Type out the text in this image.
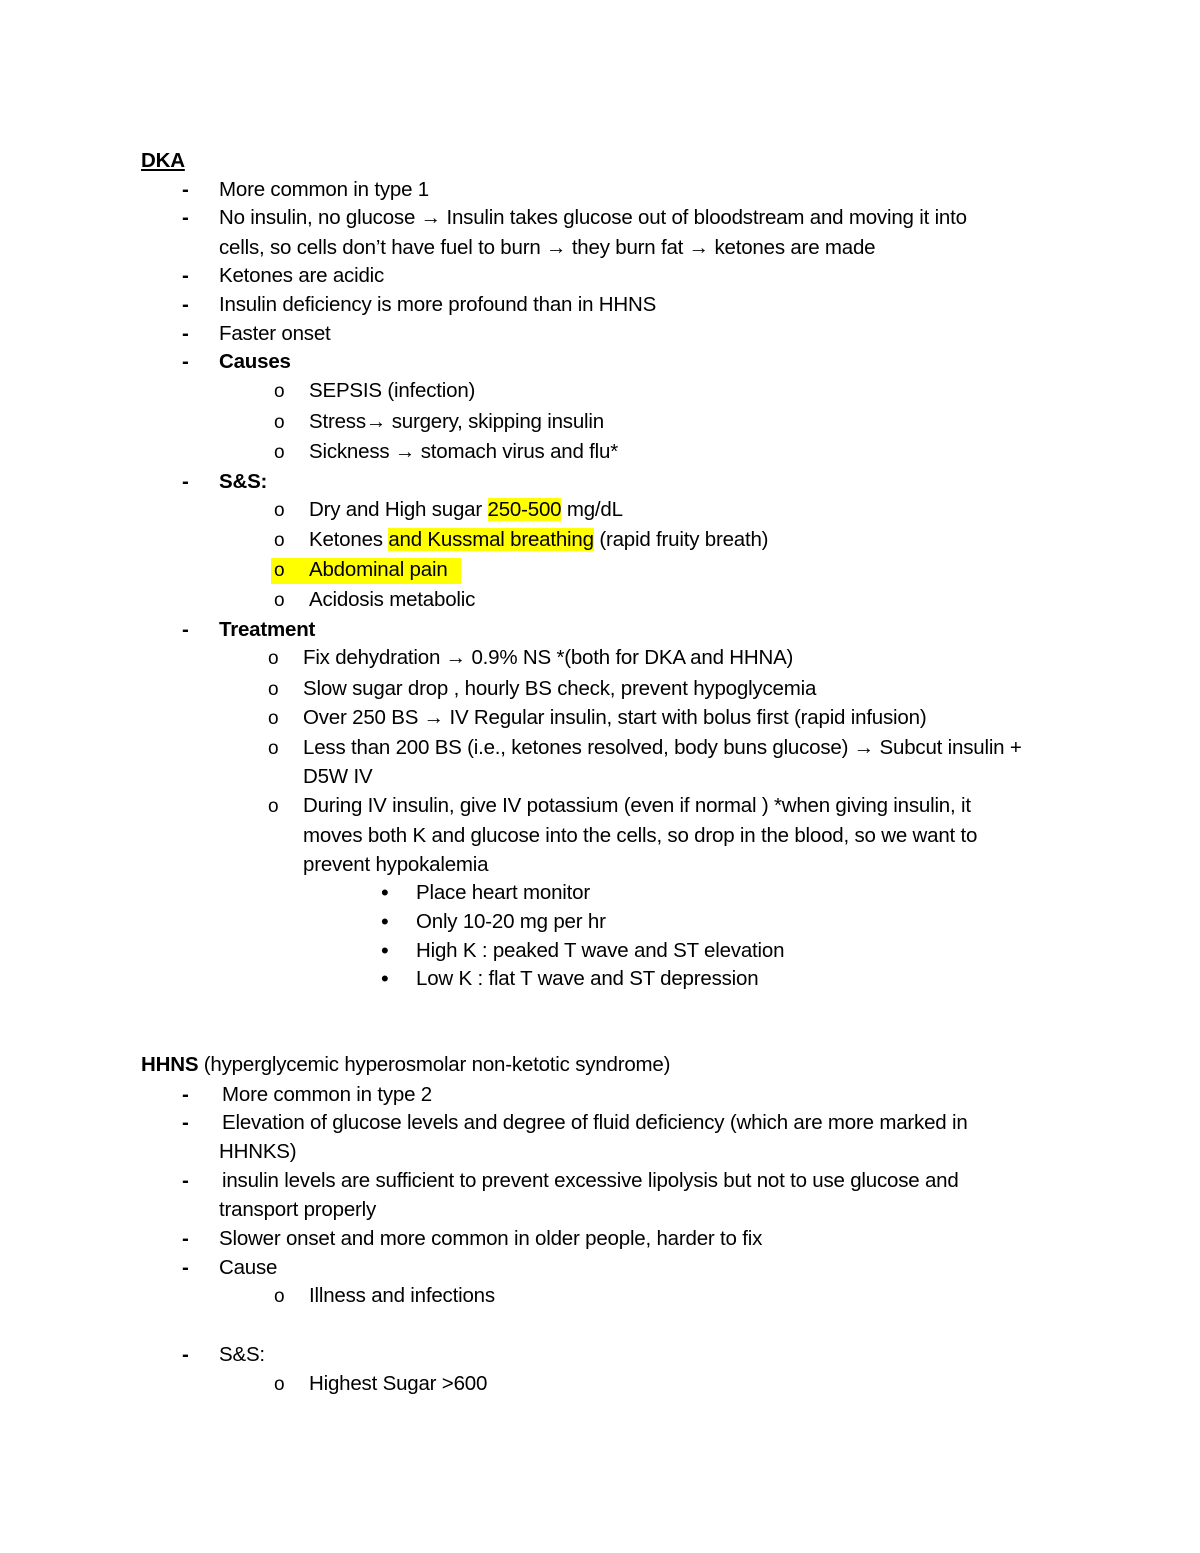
DKA
- More common in type 1
- No insulin, no glucose → Insulin takes glucose out of bloodstream and moving it into
cells, so cells don’t have fuel to burn → they burn fat → ketones are made
- Ketones are acidic
- Insulin deficiency is more profound than in HHNS
- Faster onset
- Causes
o SEPSIS (infection)
o Stress→ surgery, skipping insulin
o Sickness → stomach virus and flu*
- S&S:
o Dry and High sugar 250-500 mg/dL
o Ketones and Kussmal breathing (rapid fruity breath)
o Abdominal pain
o Acidosis metabolic
- Treatment
o Fix dehydration → 0.9% NS *(both for DKA and HHNA)
o Slow sugar drop , hourly BS check, prevent hypoglycemia
o Over 250 BS → IV Regular insulin, start with bolus first (rapid infusion)
o Less than 200 BS (i.e., ketones resolved, body buns glucose) → Subcut insulin +
D5W IV
o During IV insulin, give IV potassium (even if normal ) *when giving insulin, it
moves both K and glucose into the cells, so drop in the blood, so we want to
prevent hypokalemia
• Place heart monitor
• Only 10-20 mg per hr
• High K : peaked T wave and ST elevation
• Low K : flat T wave and ST depression
HHNS (hyperglycemic hyperosmolar non-ketotic syndrome)
- More common in type 2
- Elevation of glucose levels and degree of fluid deficiency (which are more marked in
HHNKS)
- insulin levels are sufficient to prevent excessive lipolysis but not to use glucose and
transport properly
- Slower onset and more common in older people, harder to fix
- Cause
o Illness and infections
- S&S:
o Highest Sugar >600
